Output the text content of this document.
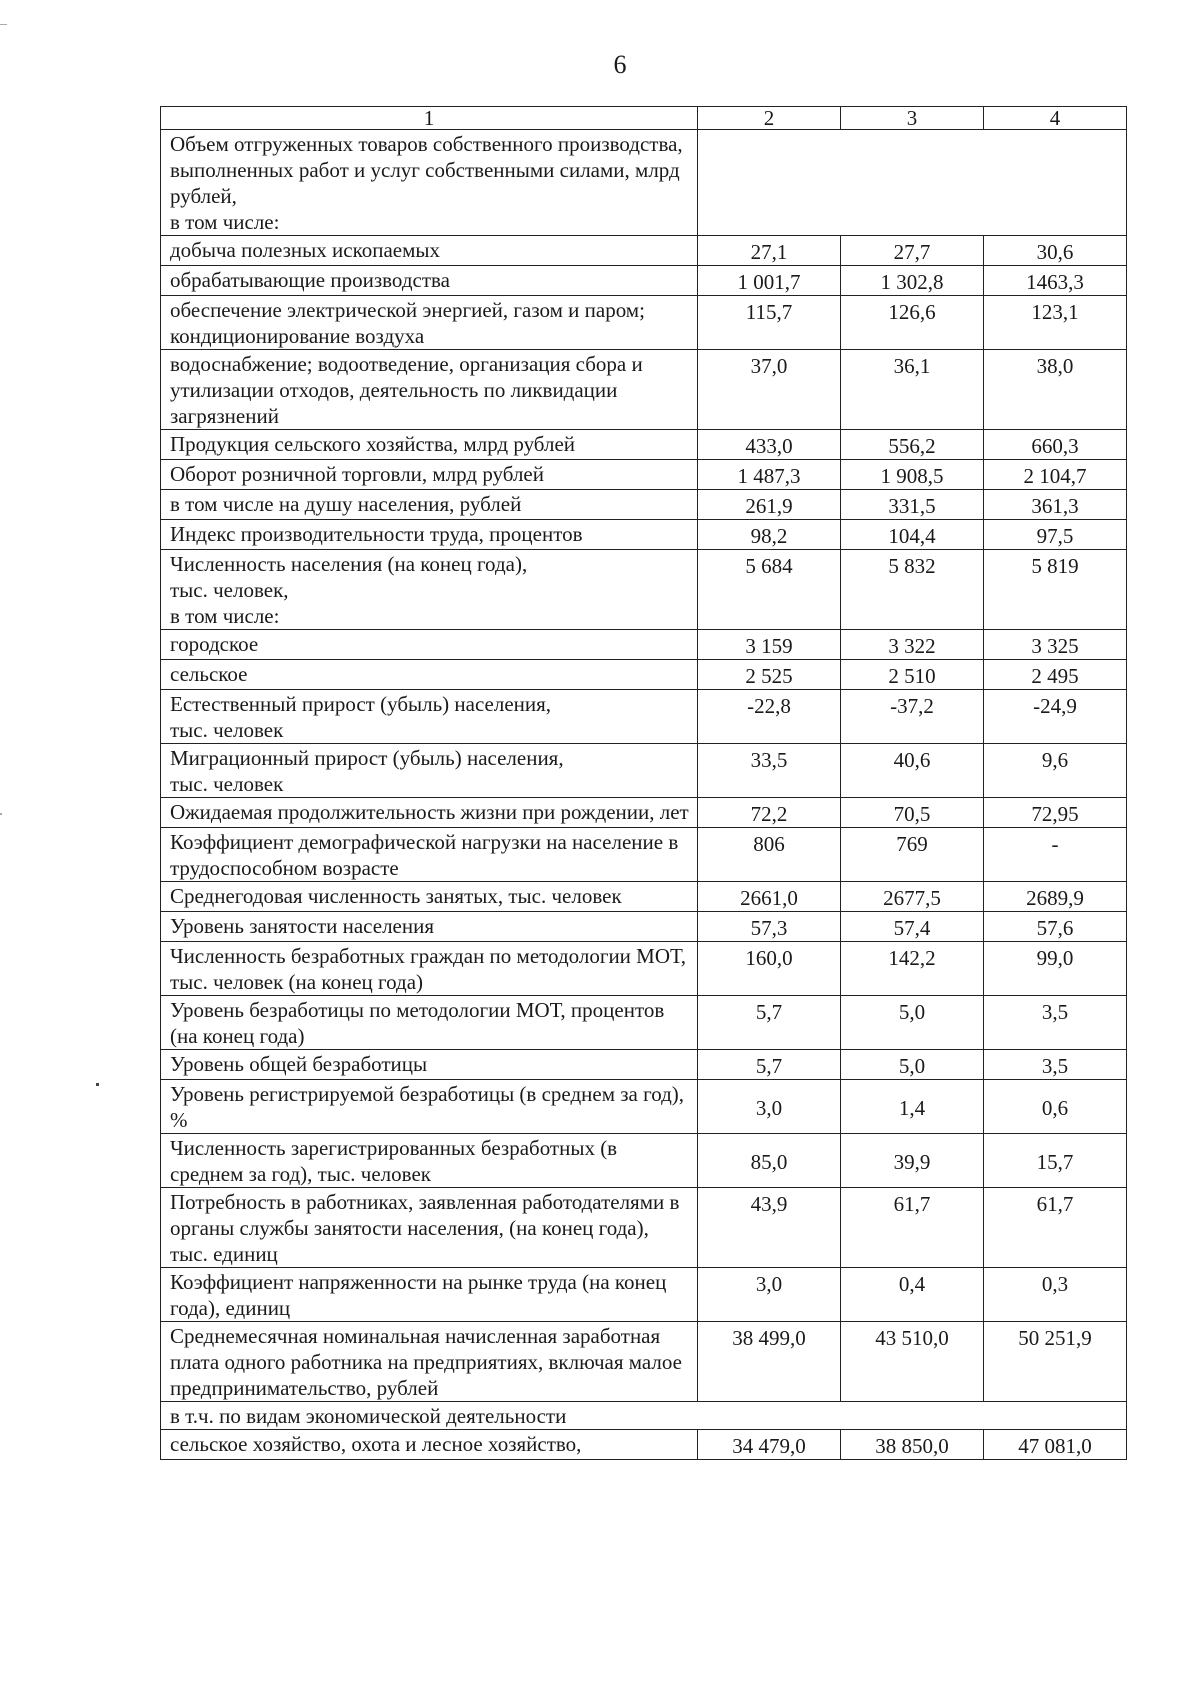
6
1	2	3	4
Объем отгруженных товаров собственного производства, выполненных работ и услуг собственными силами, млрд рублей,
в том числе:			
добыча полезных ископаемых	27,1	27,7	30,6
обрабатывающие производства	1 001,7	1 302,8	1463,3
обеспечение электрической энергией, газом и паром; кондиционирование воздуха	115,7	126,6	123,1
водоснабжение; водоотведение, организация сбора и утилизации отходов, деятельность по ликвидации загрязнений	37,0	36,1	38,0
Продукция сельского хозяйства, млрд рублей	433,0	556,2	660,3
Оборот розничной торговли, млрд рублей	1 487,3	1 908,5	2 104,7
в том числе на душу населения, рублей	261,9	331,5	361,3
Индекс производительности труда, процентов	98,2	104,4	97,5
Численность населения (на конец года),
тыс. человек,
в том числе:	5 684	5 832	5 819
городское	3 159	3 322	3 325
сельское	2 525	2 510	2 495
Естественный прирост (убыль) населения,
тыс. человек	-22,8	-37,2	-24,9
Миграционный прирост (убыль) населения,
тыс. человек	33,5	40,6	9,6
Ожидаемая продолжительность жизни при рождении, лет	72,2	70,5	72,95
Коэффициент демографической нагрузки на население в трудоспособном возрасте	806	769	-
Среднегодовая численность занятых, тыс. человек	2661,0	2677,5	2689,9
Уровень занятости населения	57,3	57,4	57,6
Численность безработных граждан по методологии МОТ, тыс. человек (на конец года)	160,0	142,2	99,0
Уровень безработицы по методологии МОТ, процентов (на конец года)	5,7	5,0	3,5
Уровень общей безработицы	5,7	5,0	3,5
Уровень регистрируемой безработицы (в среднем за год), %	3,0	1,4	0,6
Численность зарегистрированных безработных (в среднем за год), тыс. человек	85,0	39,9	15,7
Потребность в работниках, заявленная работодателями в органы службы занятости населения, (на конец года), тыс. единиц	43,9	61,7	61,7
Коэффициент напряженности на рынке труда (на конец года), единиц	3,0	0,4	0,3
Среднемесячная номинальная начисленная заработная плата одного работника на предприятиях, включая малое предпринимательство, рублей	38 499,0	43 510,0	50 251,9
в т.ч. по видам экономической деятельности			
сельское хозяйство, охота и лесное хозяйство,	34 479,0	38 850,0	47 081,0
